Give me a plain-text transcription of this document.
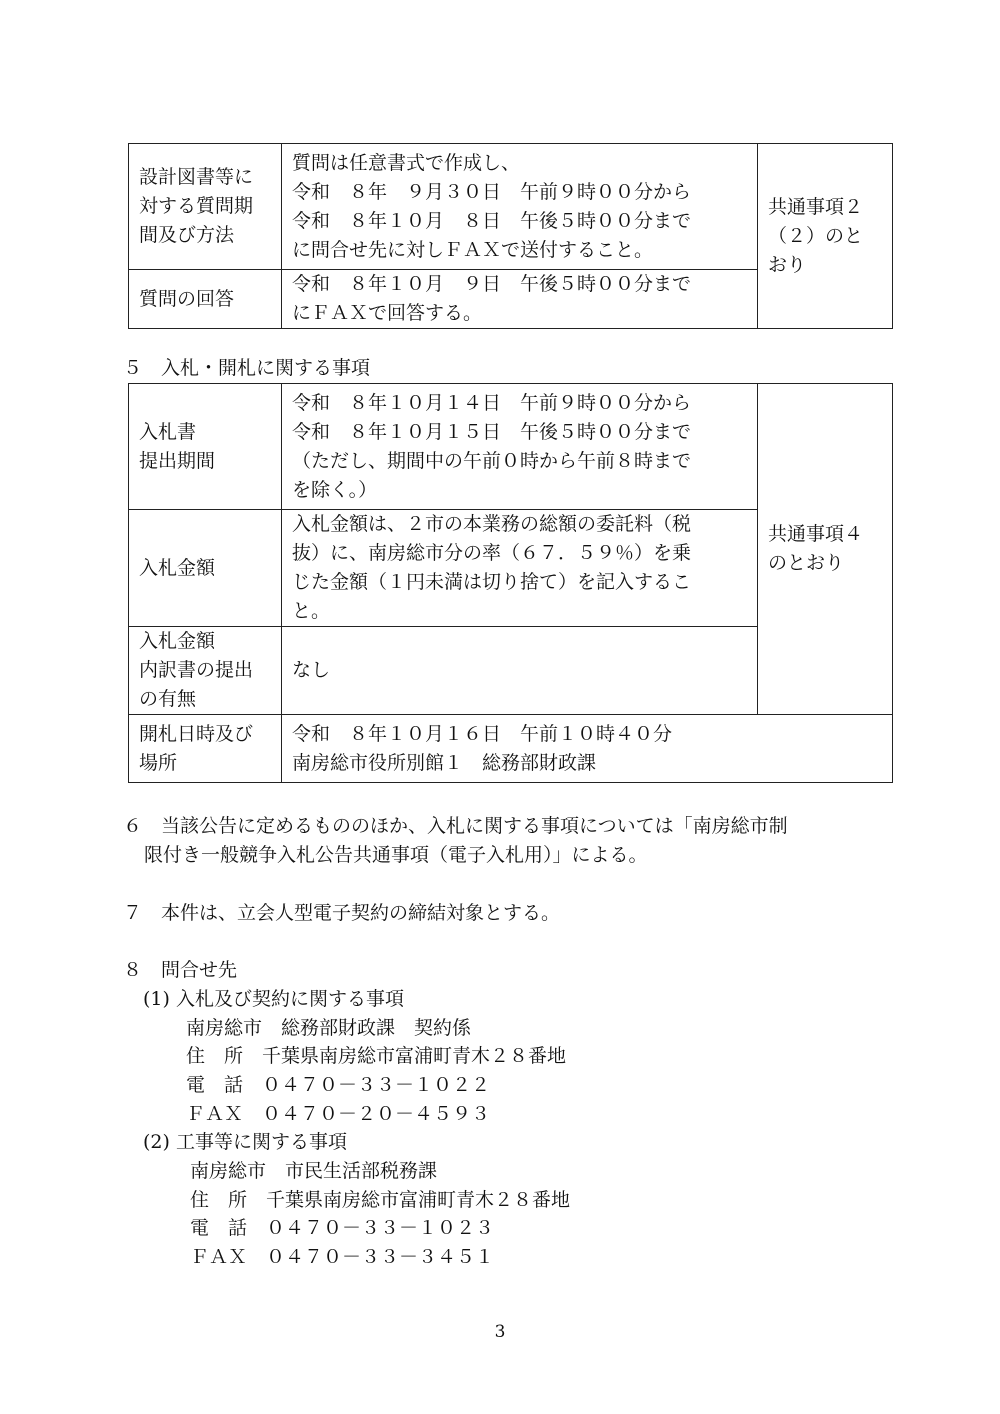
設計図書等に
対する質問期
間及び方法	質問は任意書式で作成し、
令和　８年　９月３０日　午前９時００分から
令和　８年１０月　８日　午後５時００分まで
に問合せ先に対しＦＡＸで送付すること。	共通事項２
（２）のと
おり

質問の回答	令和　８年１０月　９日　午後５時００分まで
にＦＡＸで回答する。	
５　入札・開札に関する事項
入札書
提出期間	令和　８年１０月１４日　午前９時００分から
令和　８年１０月１５日　午後５時００分まで
（ただし、期間中の午前０時から午前８時まで
を除く。）	共通事項４
のとおり

入札金額	入札金額は、２市の本業務の総額の委託料（税
抜）に、南房総市分の率（６７．５９％）を乗
じた金額（１円未満は切り捨て）を記入するこ
と。	

入札金額
内訳書の提出
の有無	なし	

開札日時及び
場所	令和　８年１０月１６日　午前１０時４０分
南房総市役所別館１　総務部財政課	
６　当該公告に定めるもののほか、入札に関する事項については「南房総市制
限付き一般競争入札公告共通事項（電子入札用）」による。
７　本件は、立会人型電子契約の締結対象とする。
８　問合せ先
(1) 入札及び契約に関する事項
南房総市　総務部財政課　契約係
住　所　千葉県南房総市富浦町青木２８番地
電　話　０４７０－３３－１０２２
ＦＡＸ　０４７０－２０－４５９３
(2) 工事等に関する事項
南房総市　市民生活部税務課
住　所　千葉県南房総市富浦町青木２８番地
電　話　０４７０－３３－１０２３
ＦＡＸ　０４７０－３３－３４５１
3
